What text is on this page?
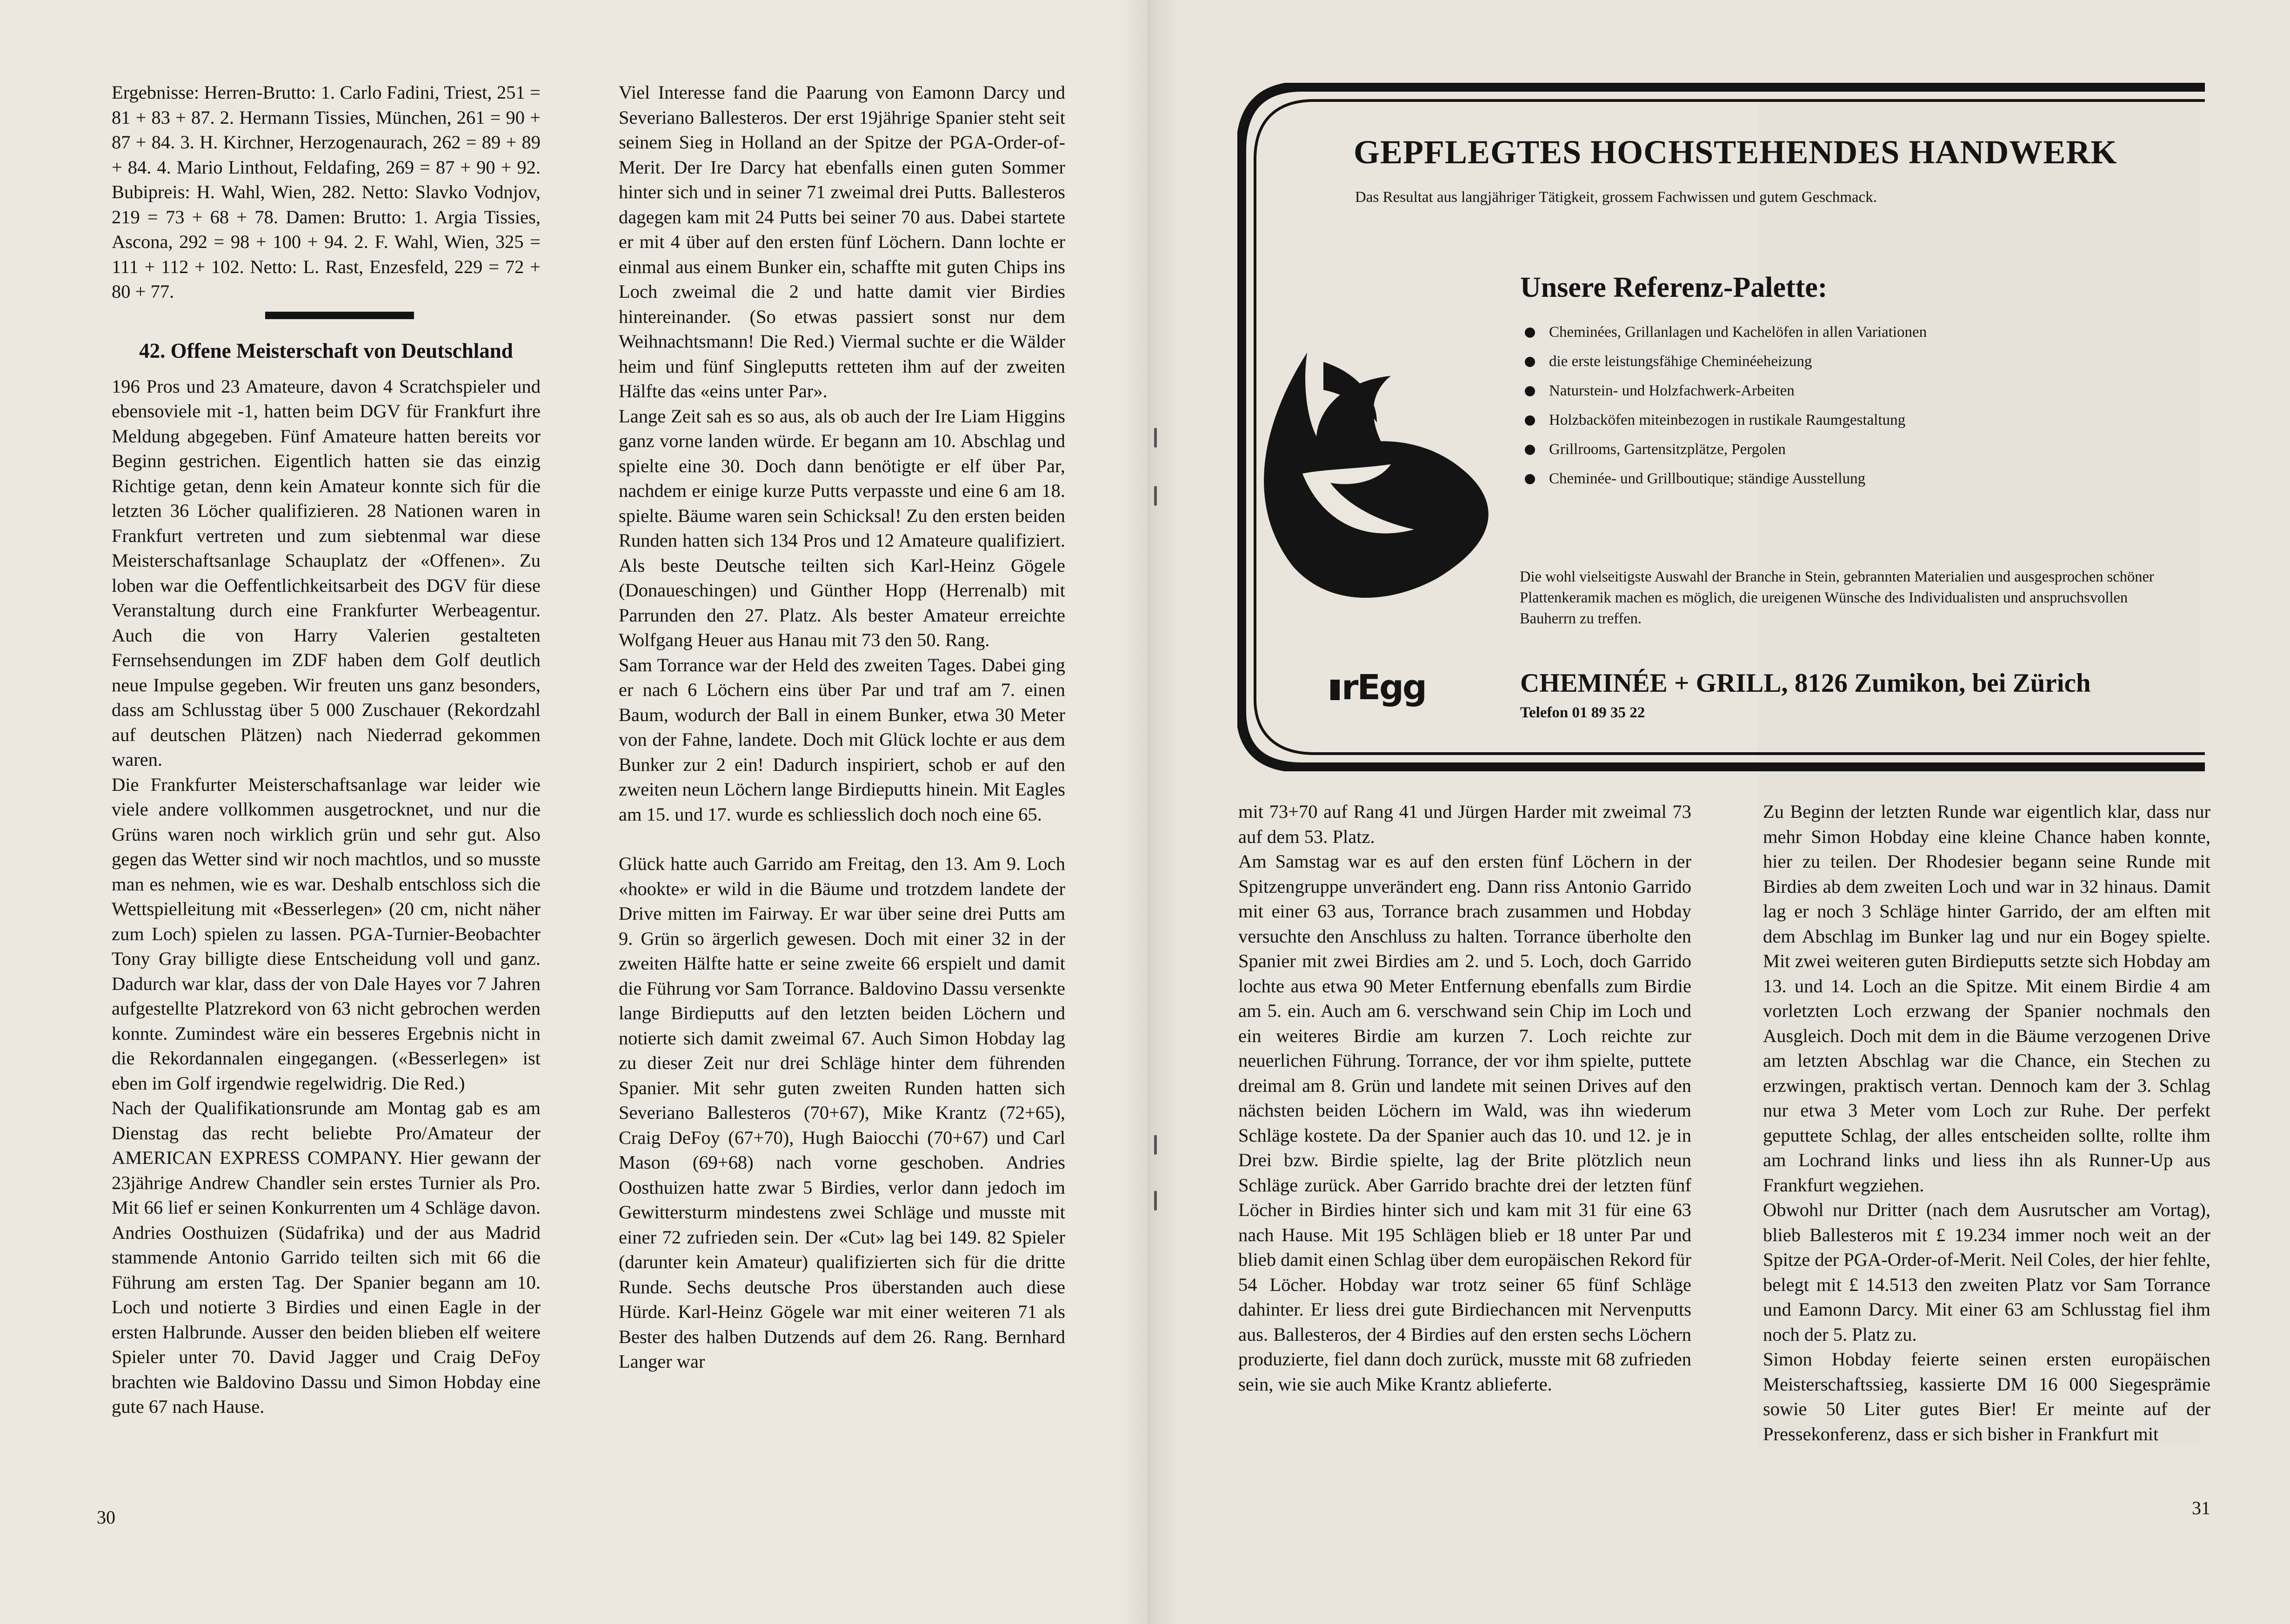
Ergebnisse: Herren-Brutto: 1. Carlo Fadini, Triest, 251 = 81 + 83 + 87. 2. Hermann Tissies, München, 261 = 90 + 87 + 84. 3. H. Kirchner, Herzogenaurach, 262 = 89 + 89 + 84. 4. Mario Linthout, Feldafing, 269 = 87 + 90 + 92. Bubipreis: H. Wahl, Wien, 282. Netto: Slavko Vodnjov, 219 = 73 + 68 + 78. Damen: Brutto: 1. Argia Tissies, Ascona, 292 = 98 + 100 + 94. 2. F. Wahl, Wien, 325 = 111 + 112 + 102. Netto: L. Rast, Enzesfeld, 229 = 72 + 80 + 77.

42. Offene Meisterschaft von Deutschland

196 Pros und 23 Amateure, davon 4 Scratchspieler und ebensoviele mit -1, hatten beim DGV für Frankfurt ihre Meldung abgegeben. Fünf Amateure hatten bereits vor Beginn gestrichen. Eigentlich hatten sie das einzig Richtige getan, denn kein Amateur konnte sich für die letzten 36 Löcher qualifizieren. 28 Nationen waren in Frankfurt vertreten und zum siebtenmal war diese Meisterschaftsanlage Schauplatz der «Offenen». Zu loben war die Oeffentlichkeitsarbeit des DGV für diese Veranstaltung durch eine Frankfurter Werbeagentur. Auch die von Harry Valerien gestalteten Fernsehsendungen im ZDF haben dem Golf deutlich neue Impulse gegeben. Wir freuten uns ganz besonders, dass am Schlusstag über 5 000 Zuschauer (Rekordzahl auf deutschen Plätzen) nach Niederrad gekommen waren.

Die Frankfurter Meisterschaftsanlage war leider wie viele andere vollkommen ausgetrocknet, und nur die Grüns waren noch wirklich grün und sehr gut. Also gegen das Wetter sind wir noch machtlos, und so musste man es nehmen, wie es war. Deshalb entschloss sich die Wettspielleitung mit «Besserlegen» (20 cm, nicht näher zum Loch) spielen zu lassen. PGA-Turnier-Beobachter Tony Gray billigte diese Entscheidung voll und ganz. Dadurch war klar, dass der von Dale Hayes vor 7 Jahren aufgestellte Platzrekord von 63 nicht gebrochen werden konnte. Zumindest wäre ein besseres Ergebnis nicht in die Rekordannalen eingegangen. («Besserlegen» ist eben im Golf irgendwie regelwidrig. Die Red.)

Nach der Qualifikationsrunde am Montag gab es am Dienstag das recht beliebte Pro/Amateur der AMERICAN EXPRESS COMPANY. Hier gewann der 23jährige Andrew Chandler sein erstes Turnier als Pro. Mit 66 lief er seinen Konkurrenten um 4 Schläge davon. Andries Oosthuizen (Südafrika) und der aus Madrid stammende Antonio Garrido teilten sich mit 66 die Führung am ersten Tag. Der Spanier begann am 10. Loch und notierte 3 Birdies und einen Eagle in der ersten Halbrunde. Ausser den beiden blieben elf weitere Spieler unter 70. David Jagger und Craig DeFoy brachten wie Baldovino Dassu und Simon Hobday eine gute 67 nach Hause.

Viel Interesse fand die Paarung von Eamonn Darcy und Severiano Ballesteros. Der erst 19jährige Spanier steht seit seinem Sieg in Holland an der Spitze der PGA-Order-of-Merit. Der Ire Darcy hat ebenfalls einen guten Sommer hinter sich und in seiner 71 zweimal drei Putts. Ballesteros dagegen kam mit 24 Putts bei seiner 70 aus. Dabei startete er mit 4 über auf den ersten fünf Löchern. Dann lochte er einmal aus einem Bunker ein, schaffte mit guten Chips ins Loch zweimal die 2 und hatte damit vier Birdies hintereinander. (So etwas passiert sonst nur dem Weihnachtsmann! Die Red.) Viermal suchte er die Wälder heim und fünf Singleputts retteten ihm auf der zweiten Hälfte das «eins unter Par».

Lange Zeit sah es so aus, als ob auch der Ire Liam Higgins ganz vorne landen würde. Er begann am 10. Abschlag und spielte eine 30. Doch dann benötigte er elf über Par, nachdem er einige kurze Putts verpasste und eine 6 am 18. spielte. Bäume waren sein Schicksal! Zu den ersten beiden Runden hatten sich 134 Pros und 12 Amateure qualifiziert. Als beste Deutsche teilten sich Karl-Heinz Gögele (Donaueschingen) und Günther Hopp (Herrenalb) mit Parrunden den 27. Platz. Als bester Amateur erreichte Wolfgang Heuer aus Hanau mit 73 den 50. Rang.

Sam Torrance war der Held des zweiten Tages. Dabei ging er nach 6 Löchern eins über Par und traf am 7. einen Baum, wodurch der Ball in einem Bunker, etwa 30 Meter von der Fahne, landete. Doch mit Glück lochte er aus dem Bunker zur 2 ein! Dadurch inspiriert, schob er auf den zweiten neun Löchern lange Birdieputts hinein. Mit Eagles am 15. und 17. wurde es schliesslich doch noch eine 65.

Glück hatte auch Garrido am Freitag, den 13. Am 9. Loch «hookte» er wild in die Bäume und trotzdem landete der Drive mitten im Fairway. Er war über seine drei Putts am 9. Grün so ärgerlich gewesen. Doch mit einer 32 in der zweiten Hälfte hatte er seine zweite 66 erspielt und damit die Führung vor Sam Torrance. Baldovino Dassu versenkte lange Birdieputts auf den letzten beiden Löchern und notierte sich damit zweimal 67. Auch Simon Hobday lag zu dieser Zeit nur drei Schläge hinter dem führenden Spanier. Mit sehr guten zweiten Runden hatten sich Severiano Ballesteros (70+67), Mike Krantz (72+65), Craig DeFoy (67+70), Hugh Baiocchi (70+67) und Carl Mason (69+68) nach vorne geschoben. Andries Oosthuizen hatte zwar 5 Birdies, verlor dann jedoch im Gewittersturm mindestens zwei Schläge und musste mit einer 72 zufrieden sein. Der «Cut» lag bei 149. 82 Spieler (darunter kein Amateur) qualifizierten sich für die dritte Runde. Sechs deutsche Pros überstanden auch diese Hürde. Karl-Heinz Gögele war mit einer weiteren 71 als Bester des halben Dutzends auf dem 26. Rang. Bernhard Langer war

30
GEPFLEGTES HOCHSTEHENDES HANDWERK
Das Resultat aus langjähriger Tätigkeit, grossem Fachwissen und gutem Geschmack.
Unsere Referenz-Palette:
Cheminées, Grillanlagen und Kachelöfen in allen Variationen
die erste leistungsfähige Cheminéeheizung
Naturstein- und Holzfachwerk-Arbeiten
Holzbacköfen miteinbezogen in rustikale Raumgestaltung
Grillrooms, Gartensitzplätze, Pergolen
Cheminée- und Grillboutique; ständige Ausstellung
Die wohl vielseitigste Auswahl der Branche in Stein, gebrannten Materialien und ausgesprochen schöner Plattenkeramik machen es möglich, die ureigenen Wünsche des Individualisten und anspruchsvollen Bauherrn zu treffen.
rEgg	CHEMINÉE + GRILL, 8126 Zumikon, bei Zürich
Telefon 01 89 35 22

mit 73+70 auf Rang 41 und Jürgen Harder mit zweimal 73 auf dem 53. Platz.

Am Samstag war es auf den ersten fünf Löchern in der Spitzengruppe unverändert eng. Dann riss Antonio Garrido mit einer 63 aus, Torrance brach zusammen und Hobday versuchte den Anschluss zu halten. Torrance überholte den Spanier mit zwei Birdies am 2. und 5. Loch, doch Garrido lochte aus etwa 90 Meter Entfernung ebenfalls zum Birdie am 5. ein. Auch am 6. verschwand sein Chip im Loch und ein weiteres Birdie am kurzen 7. Loch reichte zur neuerlichen Führung. Torrance, der vor ihm spielte, puttete dreimal am 8. Grün und landete mit seinen Drives auf den nächsten beiden Löchern im Wald, was ihn wiederum Schläge kostete. Da der Spanier auch das 10. und 12. je in Drei bzw. Birdie spielte, lag der Brite plötzlich neun Schläge zurück. Aber Garrido brachte drei der letzten fünf Löcher in Birdies hinter sich und kam mit 31 für eine 63 nach Hause. Mit 195 Schlägen blieb er 18 unter Par und blieb damit einen Schlag über dem europäischen Rekord für 54 Löcher. Hobday war trotz seiner 65 fünf Schläge dahinter. Er liess drei gute Birdiechancen mit Nervenputts aus. Ballesteros, der 4 Birdies auf den ersten sechs Löchern produzierte, fiel dann doch zurück, musste mit 68 zufrieden sein, wie sie auch Mike Krantz ablieferte.

Zu Beginn der letzten Runde war eigentlich klar, dass nur mehr Simon Hobday eine kleine Chance haben konnte, hier zu teilen. Der Rhodesier begann seine Runde mit Birdies ab dem zweiten Loch und war in 32 hinaus. Damit lag er noch 3 Schläge hinter Garrido, der am elften mit dem Abschlag im Bunker lag und nur ein Bogey spielte. Mit zwei weiteren guten Birdieputts setzte sich Hobday am 13. und 14. Loch an die Spitze. Mit einem Birdie 4 am vorletzten Loch erzwang der Spanier nochmals den Ausgleich. Doch mit dem in die Bäume verzogenen Drive am letzten Abschlag war die Chance, ein Stechen zu erzwingen, praktisch vertan. Dennoch kam der 3. Schlag nur etwa 3 Meter vom Loch zur Ruhe. Der perfekt geputtete Schlag, der alles entscheiden sollte, rollte ihm am Lochrand links und liess ihn als Runner-Up aus Frankfurt wegziehen.

Obwohl nur Dritter (nach dem Ausrutscher am Vortag), blieb Ballesteros mit £ 19.234 immer noch weit an der Spitze der PGA-Order-of-Merit. Neil Coles, der hier fehlte, belegt mit £ 14.513 den zweiten Platz vor Sam Torrance und Eamonn Darcy. Mit einer 63 am Schlusstag fiel ihm noch der 5. Platz zu.

Simon Hobday feierte seinen ersten europäischen Meisterschaftssieg, kassierte DM 16 000 Siegesprämie sowie 50 Liter gutes Bier! Er meinte auf der Pressekonferenz, dass er sich bisher in Frankfurt mit

31
